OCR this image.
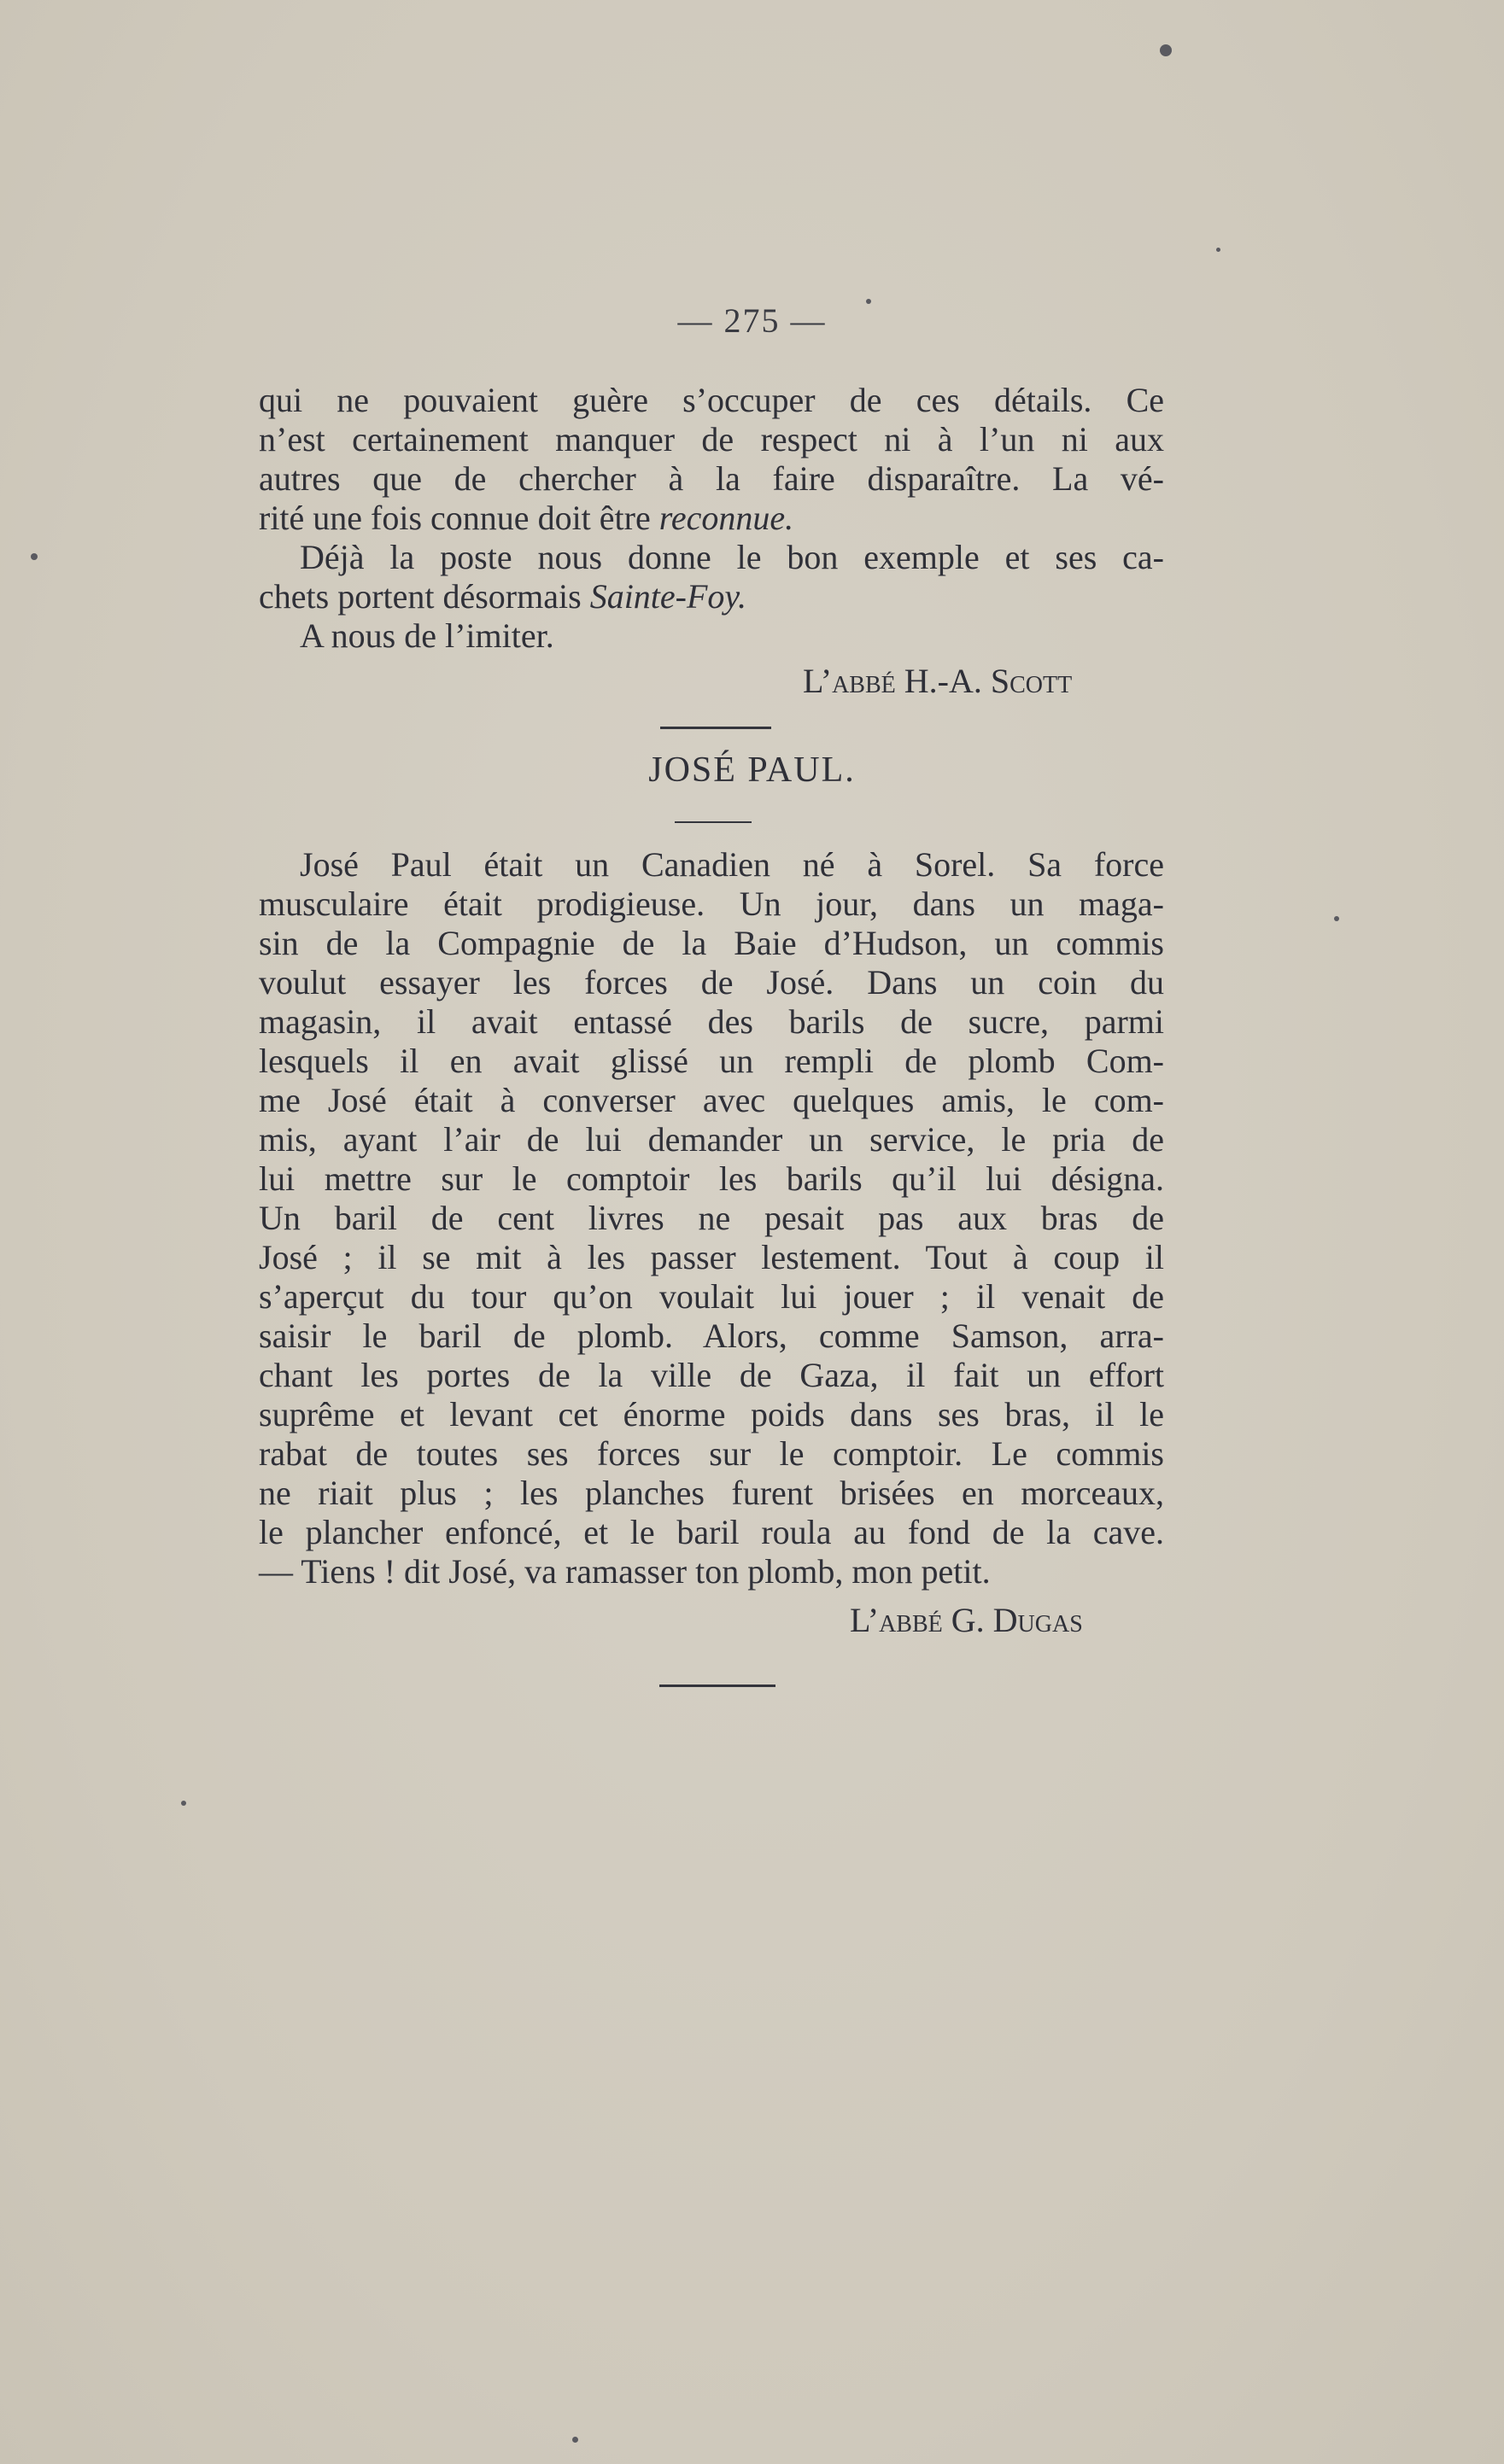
— 275 —
qui ne pouvaient guère s’occuper de ces détails. Ce
n’est certainement manquer de respect ni à l’un ni aux
autres que de chercher à la faire disparaître. La vé-
rité une fois connue doit être reconnue.
Déjà la poste nous donne le bon exemple et ses ca-
chets portent désormais Sainte-Foy.
A nous de l’imiter.
L’abbé H.-A. Scott
JOSÉ PAUL.
José Paul était un Canadien né à Sorel. Sa force
musculaire était prodigieuse. Un jour, dans un maga-
sin de la Compagnie de la Baie d’Hudson, un commis
voulut essayer les forces de José. Dans un coin du
magasin, il avait entassé des barils de sucre, parmi
lesquels il en avait glissé un rempli de plomb Com-
me José était à converser avec quelques amis, le com-
mis, ayant l’air de lui demander un service, le pria de
lui mettre sur le comptoir les barils qu’il lui désigna.
Un baril de cent livres ne pesait pas aux bras de
José ; il se mit à les passer lestement. Tout à coup il
s’aperçut du tour qu’on voulait lui jouer ; il venait de
saisir le baril de plomb. Alors, comme Samson, arra-
chant les portes de la ville de Gaza, il fait un effort
suprême et levant cet énorme poids dans ses bras, il le
rabat de toutes ses forces sur le comptoir. Le commis
ne riait plus ; les planches furent brisées en morceaux,
le plancher enfoncé, et le baril roula au fond de la cave.
— Tiens ! dit José, va ramasser ton plomb, mon petit.
L’abbé G. Dugas
